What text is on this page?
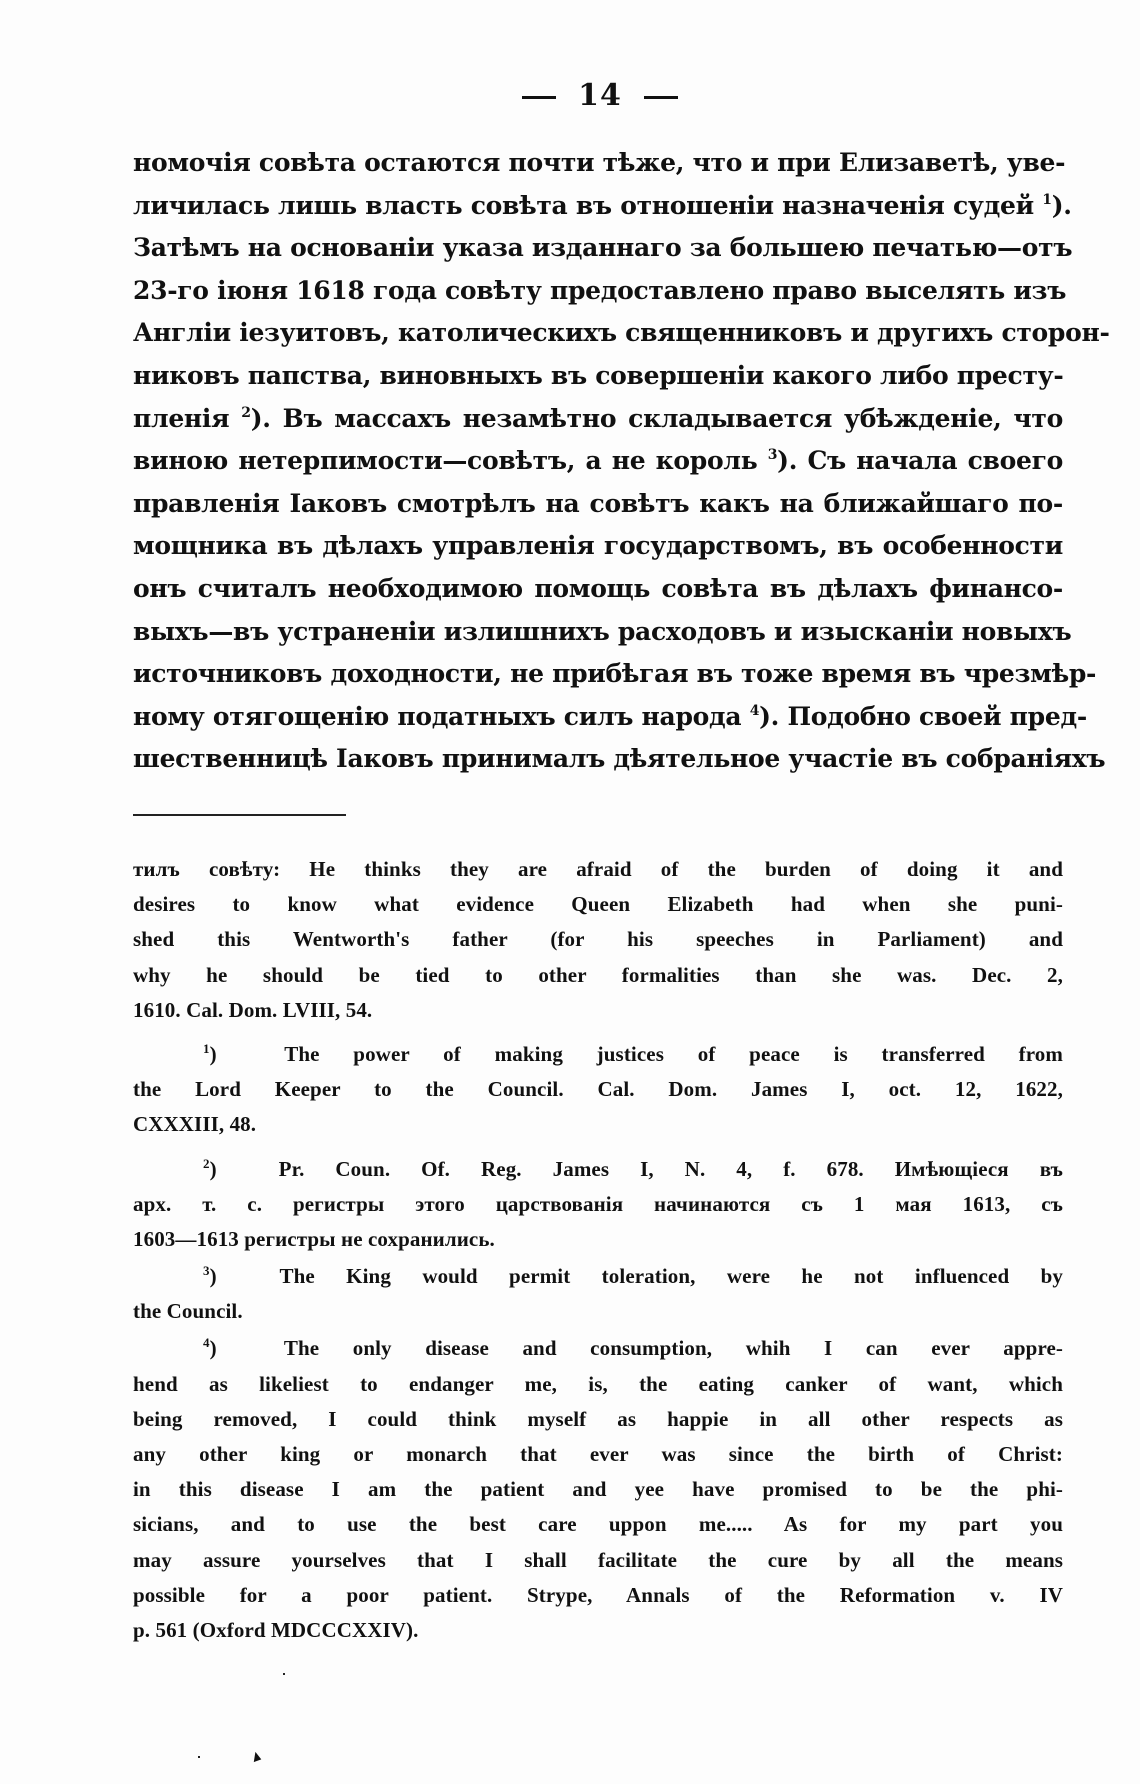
14
номочія совѣта остаются почти тѣже, что и при Елизаветѣ, уве-
личилась лишь власть совѣта въ отношеніи назначенія судей $^1$).
Затѣмъ на основаніи указа изданнаго за большею печатью—отъ
23-го іюня 1618 года совѣту предоставлено право выселять изъ
Англіи іезуитовъ, католическихъ священниковъ и другихъ сторон-
никовъ папства, виновныхъ въ совершеніи какого либо престу-
пленія $^2$). Въ массахъ незамѣтно складывается убѣжденіе, что
виною нетерпимости—совѣтъ, а не король $^3$). Съ начала своего
правленія Іаковъ смотрѣлъ на совѣтъ какъ на ближайшаго по-
мощника въ дѣлахъ управленія государствомъ, въ особенности
онъ считалъ необходимою помощь совѣта въ дѣлахъ финансо-
выхъ—въ устраненіи излишнихъ расходовъ и изысканіи новыхъ
источниковъ доходности, не прибѣгая въ тоже время въ чрезмѣр-
ному отягощенію податныхъ силъ народа $^4$). Подобно своей пред-
шественницѣ Іаковъ принималъ дѣятельное участіе въ собраніяхъ
тилъ совѣту: He thinks they are afraid of the burden of doing it and
desires to know what evidence Queen Elizabeth had when she puni-
shed this Wentworth's father (for his speeches in Parliament) and
why he should be tied to other formalities than she was. Dec. 2,
1610. Cal. Dom. LVIII, 54.
$^1$)  The power of making justices of peace is transferred from
the Lord Keeper to the Council. Cal. Dom. James I, oct. 12, 1622,
CXXXIII, 48.
$^2$)  Pr. Coun. Of. Reg. James I, N. 4, f. 678. Имѣющіеся въ
арх. т. с. регистры этого царствованія начинаются съ 1 мая 1613, съ
1603—1613 регистры не сохранились.
$^3$)  The King would permit toleration, were he not influenced by
the Council.
$^4$)  The only disease and consumption, whih I can ever appre-
hend as likeliest to endanger me, is, the eating canker of want, which
being removed, I could think myself as happie in all other respects as
any other king or monarch that ever was since the birth of Christ:
in this disease I am the patient and yee have promised to be the phi-
sicians, and to use the best care uppon me..... As for my part you
may assure yourselves that I shall facilitate the cure by all the means
possible for a poor patient. Strype, Annals of the Reformation v. IV
p. 561 (Oxford MDCCCXXIV).
